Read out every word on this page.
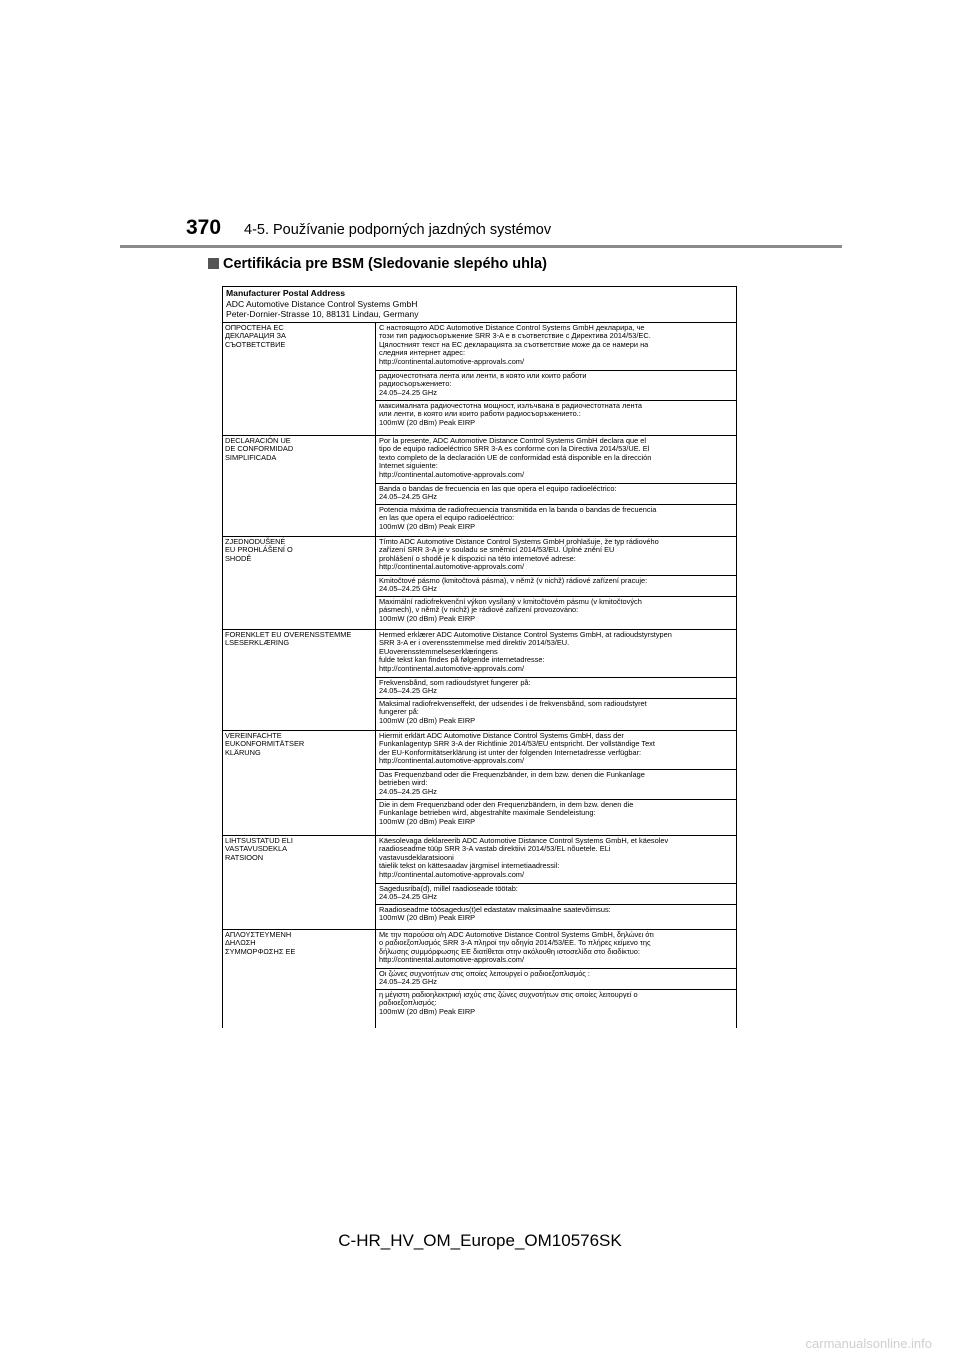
370 4-5. Používanie podporných jazdných systémov
Certifikácia pre BSM (Sledovanie slepého uhla)
Manufacturer Postal Address
ADC Automotive Distance Control Systems GmbH
Peter-Dornier-Strasse 10, 88131 Lindau, Germany
ОПРОСТЕНА ЕС
ДЕКЛАРАЦИЯ ЗА
СЪОТВЕТСТВИЕ
С настоящото ADC Automotive Distance Control Systems GmbH декларира, че
този тип радиосъоръжение SRR 3-A е в съответствие с Директива 2014/53/ЕС.
Цялостният текст на ЕС декларацията за съответствие може да се намери на
следния интернет адрес:
http://continental.automotive-approvals.com/
радиочестотната лента или ленти, в която или които работи
радиосъоръжението:
24.05–24.25 GHz
максималната радиочестотна мощност, излъчвана в радиочестотната лента
или ленти, в която или които работи радиосъоръжението.:
100mW (20 dBm) Peak EIRP
DECLARACIÓN UE
DE CONFORMIDAD
SIMPLIFICADA
Por la presente, ADC Automotive Distance Control Systems GmbH declara que el
tipo de equipo radioeléctrico SRR 3-A es conforme con la Directiva 2014/53/UE. El
texto completo de la declaración UE de conformidad está disponible en la dirección
Internet siguiente:
http://continental.automotive-approvals.com/
Banda o bandas de frecuencia en las que opera el equipo radioeléctrico:
24.05–24.25 GHz
Potencia máxima de radiofrecuencia transmitida en la banda o bandas de frecuencia
en las que opera el equipo radioeléctrico:
100mW (20 dBm) Peak EIRP
ZJEDNODUŠENÉ
EU PROHLÁŠENÍ O
SHODĚ
Tímto ADC Automotive Distance Control Systems GmbH prohlašuje, že typ rádiového
zařízení SRR 3-A je v souladu se směrnicí 2014/53/EU. Úplné znění EU
prohlášení o shodě je k dispozici na této internetové adrese:
http://continental.automotive-approvals.com/
Kmitočtové pásmo (kmitočtová pásma), v němž (v nichž) rádiové zařízení pracuje:
24.05–24.25 GHz
Maximální radiofrekvenční výkon vysílaný v kmitočtovém pásmu (v kmitočtových
pásmech), v němž (v nichž) je rádiové zařízení provozováno:
100mW (20 dBm) Peak EIRP
FORENKLET EU OVERENSSTEMME
LSESERKLÆRING
Hermed erklærer ADC Automotive Distance Control Systems GmbH, at radioudstyrstypen
SRR 3-A er i overensstemmelse med direktiv 2014/53/EU.
EUoverensstemmelseserklæringens
fulde tekst kan findes på følgende internetadresse:
http://continental.automotive-approvals.com/
Frekvensbånd, som radioudstyret fungerer på:
24.05–24.25 GHz
Maksimal radiofrekvenseffekt, der udsendes i de frekvensbånd, som radioudstyret
fungerer på:
100mW (20 dBm) Peak EIRP
VEREINFACHTE
EUKONFORMITÄTSER
KLÄRUNG
Hiermit erklärt ADC Automotive Distance Control Systems GmbH, dass der
Funkanlagentyp SRR 3-A der Richtlinie 2014/53/EU entspricht. Der vollständige Text
der EU-Konformitätserklärung ist unter der folgenden Internetadresse verfügbar:
http://continental.automotive-approvals.com/
Das Frequenzband oder die Frequenzbänder, in dem bzw. denen die Funkanlage
betrieben wird:
24.05–24.25 GHz
Die in dem Frequenzband oder den Frequenzbändern, in dem bzw. denen die
Funkanlage betrieben wird, abgestrahlte maximale Sendeleistung:
100mW (20 dBm) Peak EIRP
LIHTSUSTATUD ELI
VASTAVUSDEKLA
RATSIOON
Käesolevaga deklareerib ADC Automotive Distance Control Systems GmbH, et käesolev
raadioseadme tüüp SRR 3-A vastab direktiivi 2014/53/EL nõuetele. ELi
vastavusdeklaratsiooni
täielik tekst on kättesaadav järgmisel internetiaadressil:
http://continental.automotive-approvals.com/
Sagedusriba(d), millel raadioseade töötab:
24.05–24.25 GHz
Raadioseadme töösagedus(t)el edastatav maksimaalne saatevõimsus:
100mW (20 dBm) Peak EIRP
ΑΠΛΟΥΣΤΕΥΜΕΝΗ
ΔΗΛΩΣΗ
ΣΥΜΜΟΡΦΩΣΗΣ ΕΕ
Με την παρούσα ο/η ADC Automotive Distance Control Systems GmbH, δηλώνει ότι
ο ραδιοεξοπλισμός SRR 3-A πληροί την οδηγία 2014/53/ΕΕ. Το πλήρες κείμενο της
δήλωσης συμμόρφωσης ΕΕ διατίθεται στην ακόλουθη ιστοσελίδα στο διαδίκτυο:
http://continental.automotive-approvals.com/
Οι ζώνες συχνοτήτων στις οποίες λειτουργεί ο ραδιοεξοπλισμός :
24.05–24.25 GHz
η μέγιστη ραδιοηλεκτρική ισχύς στις ζώνες συχνοτήτων στις οποίες λειτουργεί ο
ραδιοεξοπλισμός:
100mW (20 dBm) Peak EIRP
C-HR_HV_OM_Europe_OM10576SK
carmanualsonline.info
